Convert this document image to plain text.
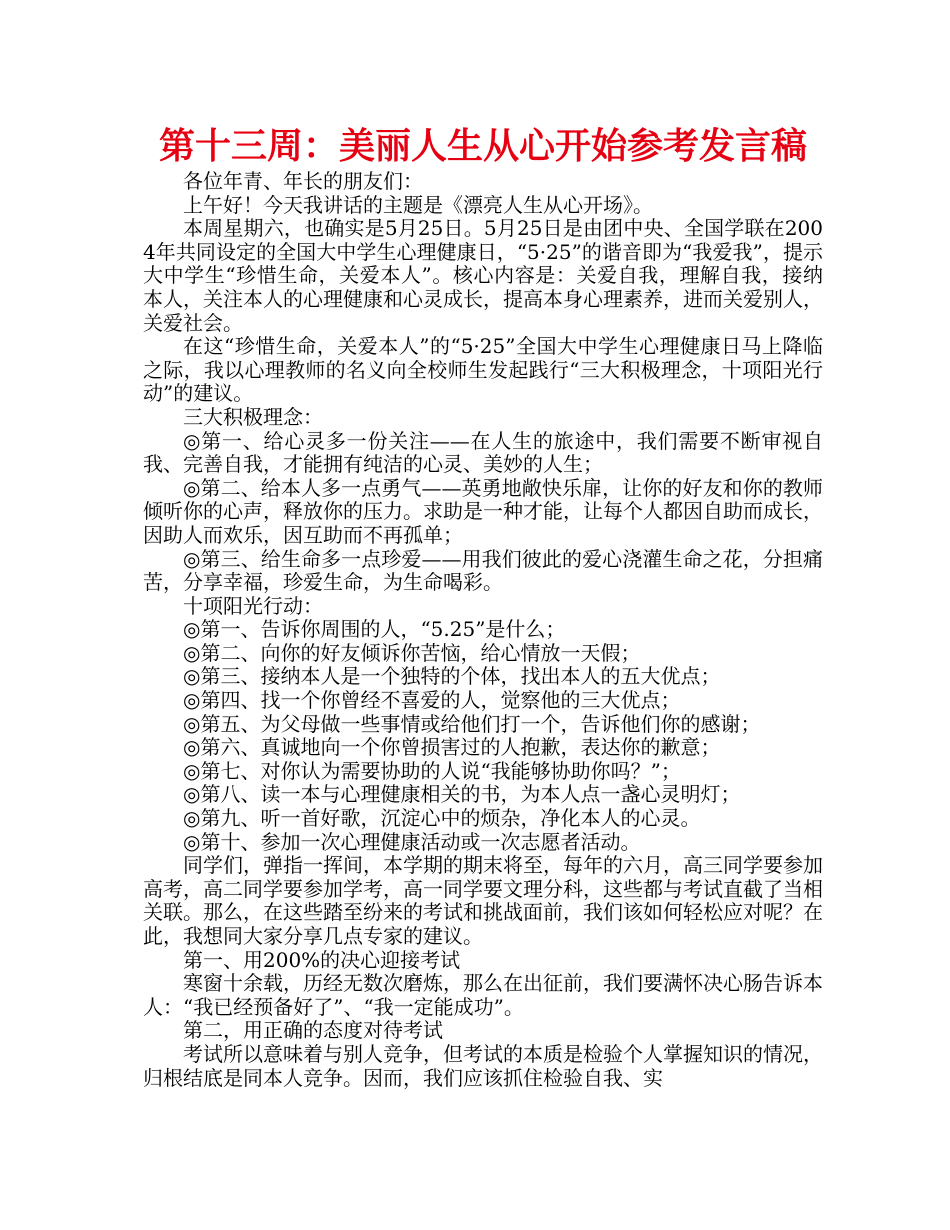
第十三周：美丽人生从心开始参考发言稿

各位年青、年长的朋友们：

上午好！今天我讲话的主题是《漂亮人生从心开场》。

本周星期六，也确实是5月25日。5月25日是由团中央、全国学联在2004年共同设定的全国大中学生心理健康日，“5·25”的谐音即为“我爱我”，提示大中学生“珍惜生命，关爱本人”。核心内容是：关爱自我，理解自我，接纳本人，关注本人的心理健康和心灵成长，提高本身心理素养，进而关爱别人，关爱社会。

在这“珍惜生命，关爱本人”的“5·25”全国大中学生心理健康日马上降临之际，我以心理教师的名义向全校师生发起践行“三大积极理念，十项阳光行动”的建议。

三大积极理念：

◎第一、给心灵多一份关注——在人生的旅途中，我们需要不断审视自我、完善自我，才能拥有纯洁的心灵、美妙的人生；

◎第二、给本人多一点勇气——英勇地敞快乐扉，让你的好友和你的教师倾听你的心声，释放你的压力。求助是一种才能，让每个人都因自助而成长，因助人而欢乐，因互助而不再孤单；

◎第三、给生命多一点珍爱——用我们彼此的爱心浇灌生命之花，分担痛苦，分享幸福，珍爱生命，为生命喝彩。

十项阳光行动：

◎第一、告诉你周围的人，“5.25”是什么；

◎第二、向你的好友倾诉你苦恼，给心情放一天假；

◎第三、接纳本人是一个独特的个体，找出本人的五大优点；

◎第四、找一个你曾经不喜爱的人，觉察他的三大优点；

◎第五、为父母做一些事情或给他们打一个，告诉他们你的感谢；

◎第六、真诚地向一个你曾损害过的人抱歉，表达你的歉意；

◎第七、对你认为需要协助的人说“我能够协助你吗？”；

◎第八、读一本与心理健康相关的书，为本人点一盏心灵明灯；

◎第九、听一首好歌，沉淀心中的烦杂，净化本人的心灵。

◎第十、参加一次心理健康活动或一次志愿者活动。

同学们，弹指一挥间，本学期的期末将至，每年的六月，高三同学要参加高考，高二同学要参加学考，高一同学要文理分科，这些都与考试直截了当相关联。那么，在这些踏至纷来的考试和挑战面前，我们该如何轻松应对呢？在此，我想同大家分享几点专家的建议。

第一、用200%的决心迎接考试

寒窗十余载，历经无数次磨炼，那么在出征前，我们要满怀决心肠告诉本人：“我已经预备好了”、“我一定能成功”。

第二，用正确的态度对待考试

考试所以意味着与别人竞争，但考试的本质是检验个人掌握知识的情况，归根结底是同本人竞争。因而，我们应该抓住检验自我、实
